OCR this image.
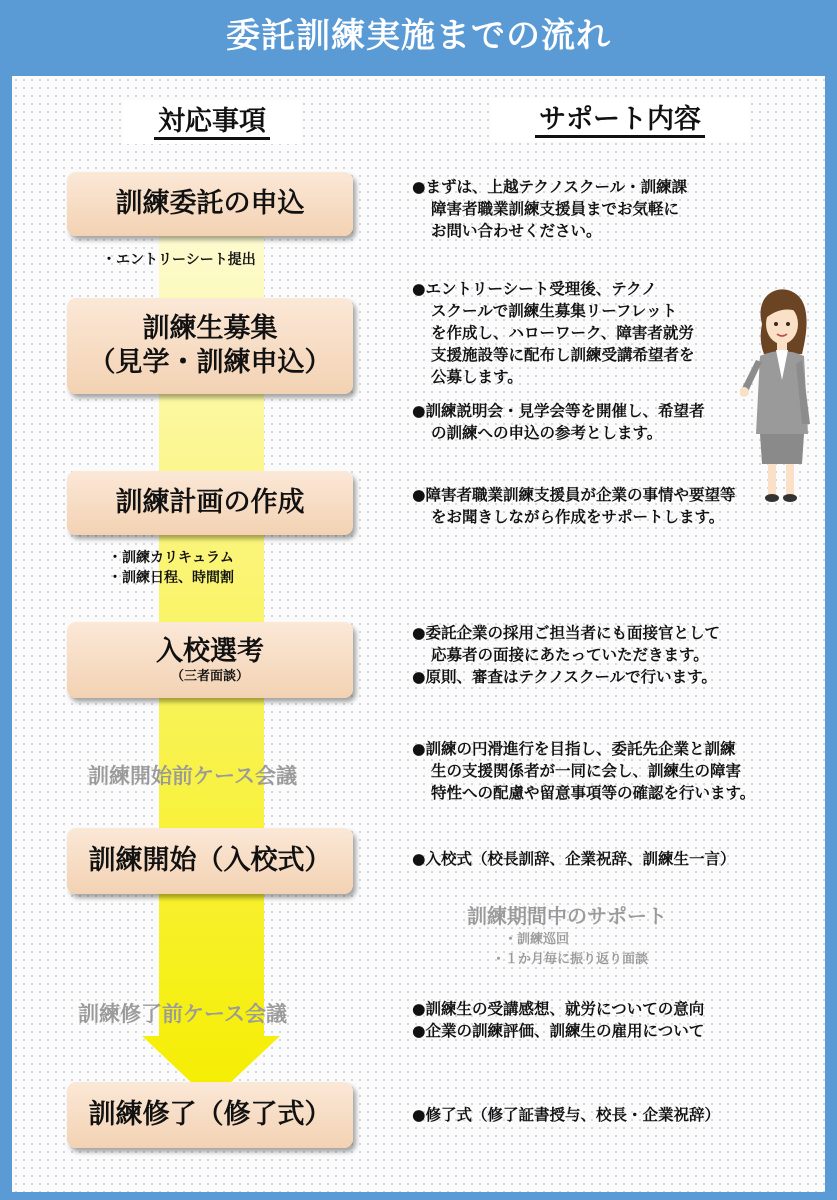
委託訓練実施までの流れ
対応事項	サポート内容
訓練委託の申込
訓練生募集
（見学・訓練申込）
訓練計画の作成
入校選考
（三者面談）
訓練開始（入校式）
訓練修了（修了式）
・エントリーシート提出
・訓練カリキュラム
・訓練日程、時間割
訓練開始前ケース会議
訓練修了前ケース会議
訓練期間中のサポート
・訓練巡回
・１か月毎に振り返り面談
●まずは、上越テクノスクール・訓練課
障害者職業訓練支援員までお気軽に
お問い合わせください。
●エントリーシート受理後、テクノ
スクールで訓練生募集リーフレット
を作成し、ハローワーク、障害者就労
支援施設等に配布し訓練受講希望者を
公募します。
●訓練説明会・見学会等を開催し、希望者
の訓練への申込の参考とします。
●障害者職業訓練支援員が企業の事情や要望等
をお聞きしながら作成をサポートします。
●委託企業の採用ご担当者にも面接官として
応募者の面接にあたっていただきます。
●原則、審査はテクノスクールで行います。
●訓練の円滑進行を目指し、委託先企業と訓練
生の支援関係者が一同に会し、訓練生の障害
特性への配慮や留意事項等の確認を行います。
●入校式（校長訓辞、企業祝辞、訓練生一言）
●訓練生の受講感想、就労についての意向
●企業の訓練評価、訓練生の雇用について
●修了式（修了証書授与、校長・企業祝辞）
